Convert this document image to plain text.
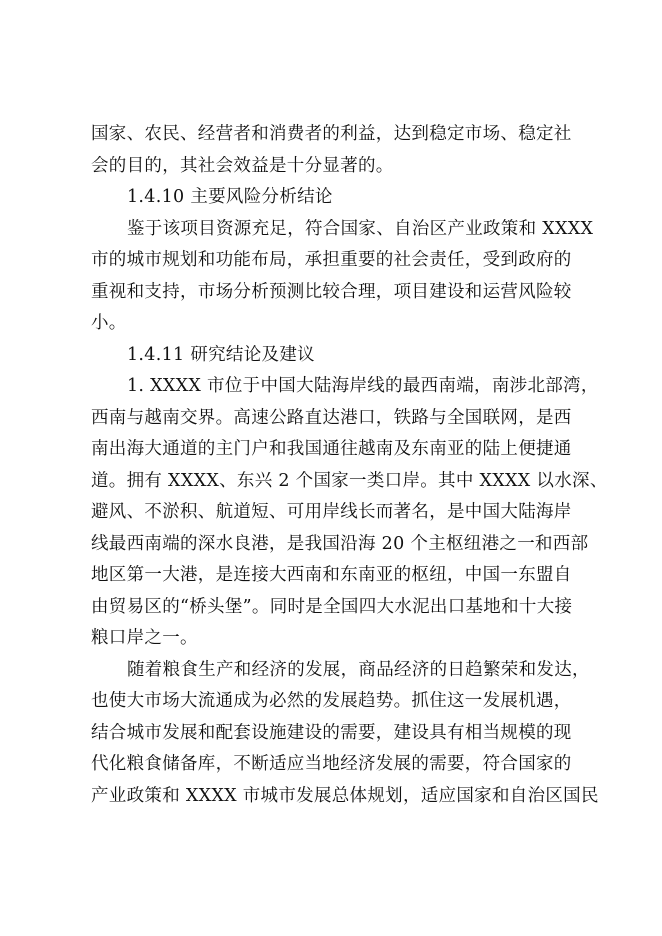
国家、农民、经营者和消费者的利益，达到稳定市场、稳定社
会的目的，其社会效益是十分显著的。
1.4.10 主要风险分析结论
鉴于该项目资源充足，符合国家、自治区产业政策和 XXXX
市的城市规划和功能布局，承担重要的社会责任，受到政府的
重视和支持，市场分析预测比较合理，项目建设和运营风险较
小。
1.4.11 研究结论及建议
1. XXXX 市位于中国大陆海岸线的最西南端，南涉北部湾，
西南与越南交界。高速公路直达港口，铁路与全国联网，是西
南出海大通道的主门户和我国通往越南及东南亚的陆上便捷通
道。拥有 XXXX、东兴 2 个国家一类口岸。其中 XXXX 以水深、
避风、不淤积、航道短、可用岸线长而著名，是中国大陆海岸
线最西南端的深水良港，是我国沿海 20 个主枢纽港之一和西部
地区第一大港，是连接大西南和东南亚的枢纽，中国一东盟自
由贸易区的“桥头堡”。同时是全国四大水泥出口基地和十大接
粮口岸之一。
随着粮食生产和经济的发展，商品经济的日趋繁荣和发达，
也使大市场大流通成为必然的发展趋势。抓住这一发展机遇，
结合城市发展和配套设施建设的需要，建设具有相当规模的现
代化粮食储备库，不断适应当地经济发展的需要，符合国家的
产业政策和 XXXX 市城市发展总体规划，适应国家和自治区国民
